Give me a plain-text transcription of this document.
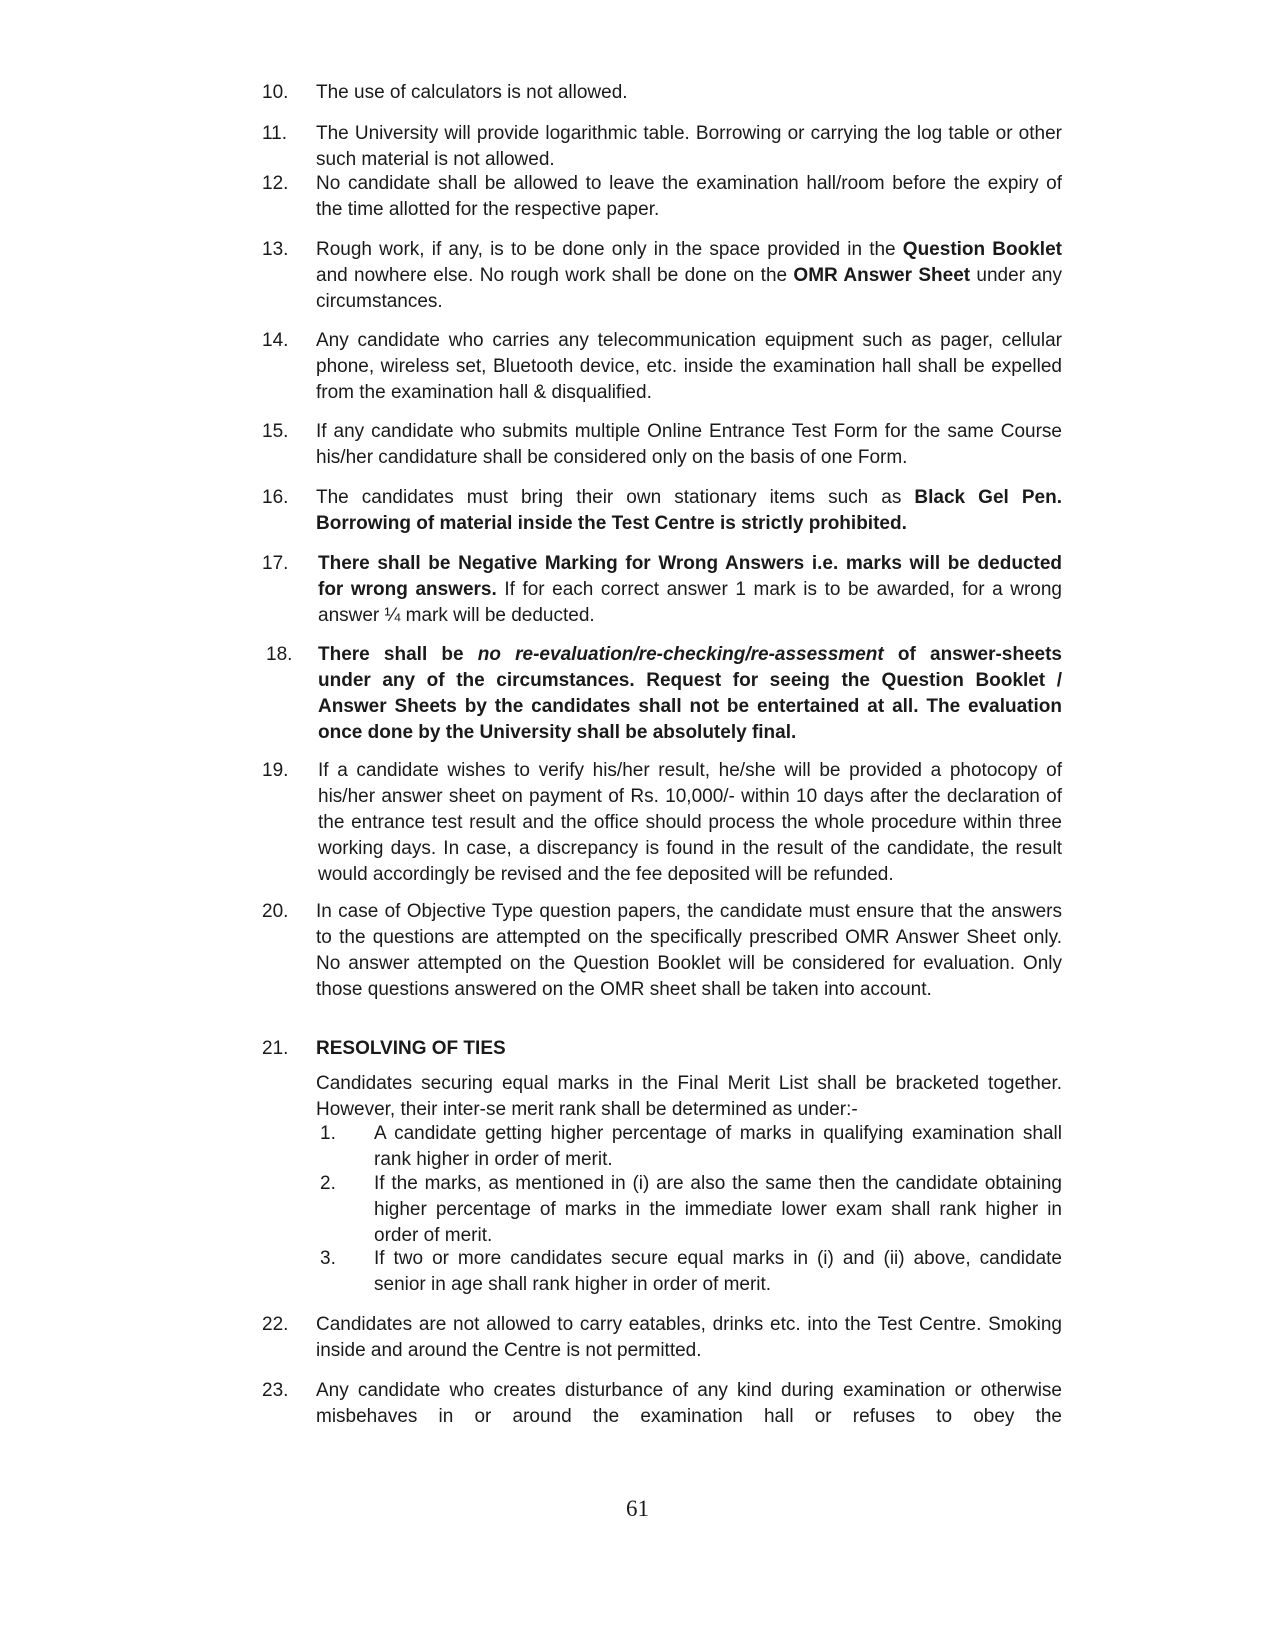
10.	The use of calculators is not allowed.
11.	The University will provide logarithmic table. Borrowing or carrying the log table or other such material is not allowed.
12.	No candidate shall be allowed to leave the examination hall/room before the expiry of the time allotted for the respective paper.
13.	Rough work, if any, is to be done only in the space provided in the Question Booklet and nowhere else. No rough work shall be done on the OMR Answer Sheet under any circumstances.
14.	Any candidate who carries any telecommunication equipment such as pager, cellular phone, wireless set, Bluetooth device, etc. inside the examination hall shall be expelled from the examination hall & disqualified.
15.	If any candidate who submits multiple Online Entrance Test Form for the same Course his/her candidature shall be considered only on the basis of one Form.
16.	The candidates must bring their own stationary items such as Black Gel Pen. Borrowing of material inside the Test Centre is strictly prohibited.
17.	There shall be Negative Marking for Wrong Answers i.e. marks will be deducted for wrong answers. If for each correct answer 1 mark is to be awarded, for a wrong answer ¼ mark will be deducted.
18.	There shall be no re-evaluation/re-checking/re-assessment of answer-sheets under any of the circumstances. Request for seeing the Question Booklet / Answer Sheets by the candidates shall not be entertained at all. The evaluation once done by the University shall be absolutely final.
19.	If a candidate wishes to verify his/her result, he/she will be provided a photocopy of his/her answer sheet on payment of Rs. 10,000/- within 10 days after the declaration of the entrance test result and the office should process the whole procedure within three working days. In case, a discrepancy is found in the result of the candidate, the result would accordingly be revised and the fee deposited will be refunded.
20.	In case of Objective Type question papers, the candidate must ensure that the answers to the questions are attempted on the specifically prescribed OMR Answer Sheet only. No answer attempted on the Question Booklet will be considered for evaluation. Only those questions answered on the OMR sheet shall be taken into account.
21.	RESOLVING OF TIES
Candidates securing equal marks in the Final Merit List shall be bracketed together. However, their inter-se merit rank shall be determined as under:-
1. A candidate getting higher percentage of marks in qualifying examination shall rank higher in order of merit.
2. If the marks, as mentioned in (i) are also the same then the candidate obtaining higher percentage of marks in the immediate lower exam shall rank higher in order of merit.
3. If two or more candidates secure equal marks in (i) and (ii) above, candidate senior in age shall rank higher in order of merit.
22.	Candidates are not allowed to carry eatables, drinks etc. into the Test Centre. Smoking inside and around the Centre is not permitted.
23.	Any candidate who creates disturbance of any kind during examination or otherwise misbehaves in or around the examination hall or refuses to obey the
61
